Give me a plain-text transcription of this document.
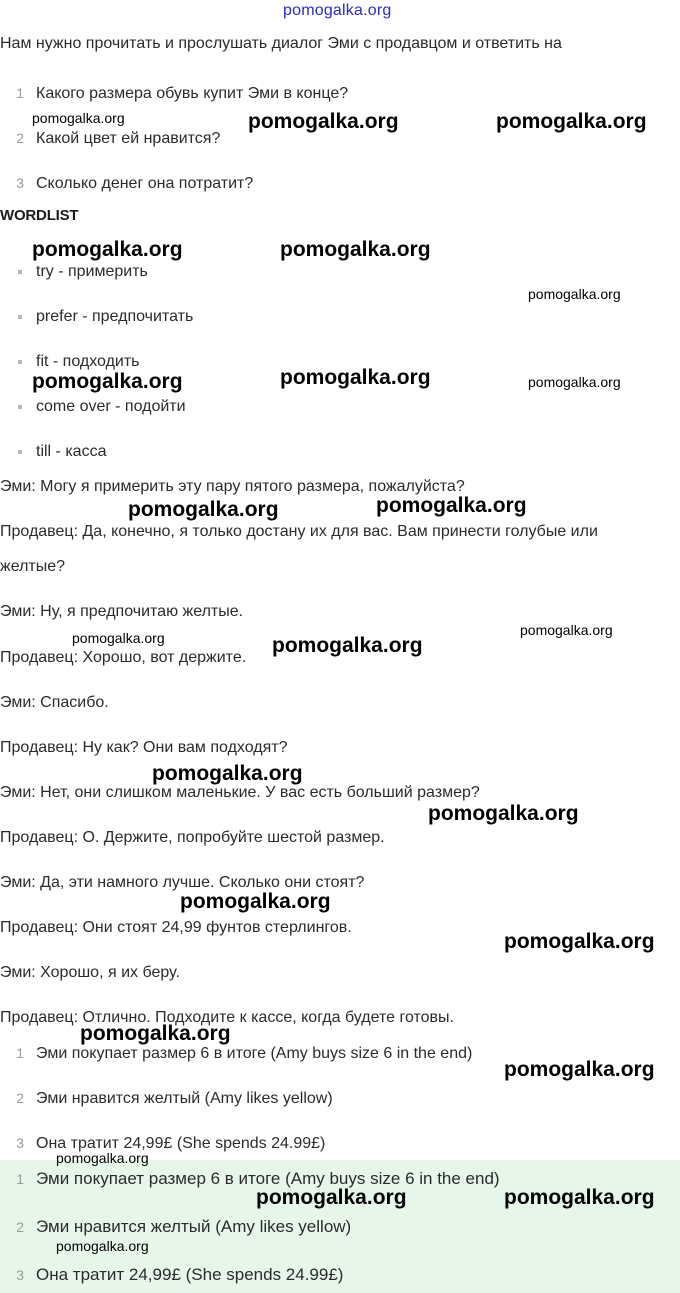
pomogalka.org
Нам нужно прочитать и прослушать диалог Эми с продавцом и ответить на
1 Какого размера обувь купит Эми в конце?
2 Какой цвет ей нравится?
3 Сколько денег она потратит?
WORDLIST
try - примерить
prefer - предпочитать
fit - подходить
come over - подойти
till - касса
Эми: Могу я примерить эту пару пятого размера, пожалуйста?
Продавец: Да, конечно, я только достану их для вас. Вам принести голубые или
желтые?
Эми: Ну, я предпочитаю желтые.
Продавец: Хорошо, вот держите.
Эми: Спасибо.
Продавец: Ну как? Они вам подходят?
Эми: Нет, они слишком маленькие. У вас есть больший размер?
Продавец: О. Держите, попробуйте шестой размер.
Эми: Да, эти намного лучше. Сколько они стоят?
Продавец: Они стоят 24,99 фунтов стерлингов.
Эми: Хорошо, я их беру.
Продавец: Отлично. Подходите к кассе, когда будете готовы.
1 Эми покупает размер 6 в итоге (Amy buys size 6 in the end)
2 Эми нравится желтый (Amy likes yellow)
3 Она тратит 24,99£ (She spends 24.99£)
1 Эми покупает размер 6 в итоге (Amy buys size 6 in the end)
2 Эми нравится желтый (Amy likes yellow)
3 Она тратит 24,99£ (She spends 24.99£)
pomogalka.org	pomogalka.org	pomogalka.org
pomogalka.org	pomogalka.org
pomogalka.org
pomogalka.org	pomogalka.org	pomogalka.org
pomogalka.org
pomogalka.org
pomogalka.org	pomogalka.org
pomogalka.org
pomogalka.org
pomogalka.org
pomogalka.org
pomogalka.org
pomogalka.org
pomogalka.org
pomogalka.org
pomogalka.org	pomogalka.org
pomogalka.org
